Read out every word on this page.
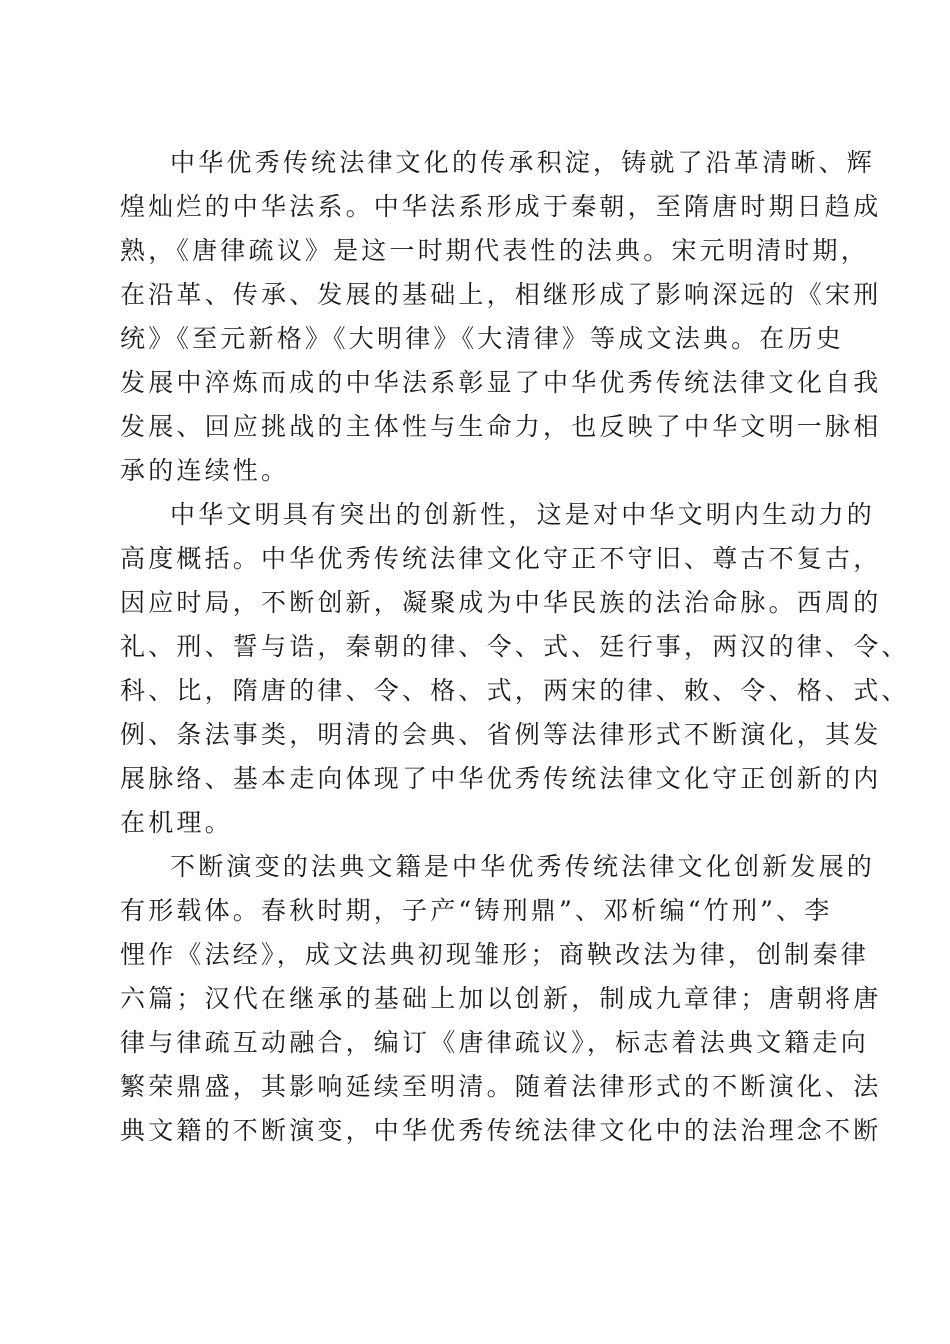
中华优秀传统法律文化的传承积淀，铸就了沿革清晰、辉
煌灿烂的中华法系。中华法系形成于秦朝，至隋唐时期日趋成
熟，《唐律疏议》是这一时期代表性的法典。宋元明清时期，
在沿革、传承、发展的基础上，相继形成了影响深远的《宋刑
统》《至元新格》《大明律》《大清律》等成文法典。在历史
发展中淬炼而成的中华法系彰显了中华优秀传统法律文化自我
发展、回应挑战的主体性与生命力，也反映了中华文明一脉相
承的连续性。
中华文明具有突出的创新性，这是对中华文明内生动力的
高度概括。中华优秀传统法律文化守正不守旧、尊古不复古，
因应时局，不断创新，凝聚成为中华民族的法治命脉。西周的
礼、刑、誓与诰，秦朝的律、令、式、廷行事，两汉的律、令、
科、比，隋唐的律、令、格、式，两宋的律、敕、令、格、式、
例、条法事类，明清的会典、省例等法律形式不断演化，其发
展脉络、基本走向体现了中华优秀传统法律文化守正创新的内
在机理。
不断演变的法典文籍是中华优秀传统法律文化创新发展的
有形载体。春秋时期，子产“铸刑鼎”、邓析编“竹刑”、李
悝作《法经》，成文法典初现雏形；商鞅改法为律，创制秦律
六篇；汉代在继承的基础上加以创新，制成九章律；唐朝将唐
律与律疏互动融合，编订《唐律疏议》，标志着法典文籍走向
繁荣鼎盛，其影响延续至明清。随着法律形式的不断演化、法
典文籍的不断演变，中华优秀传统法律文化中的法治理念不断
